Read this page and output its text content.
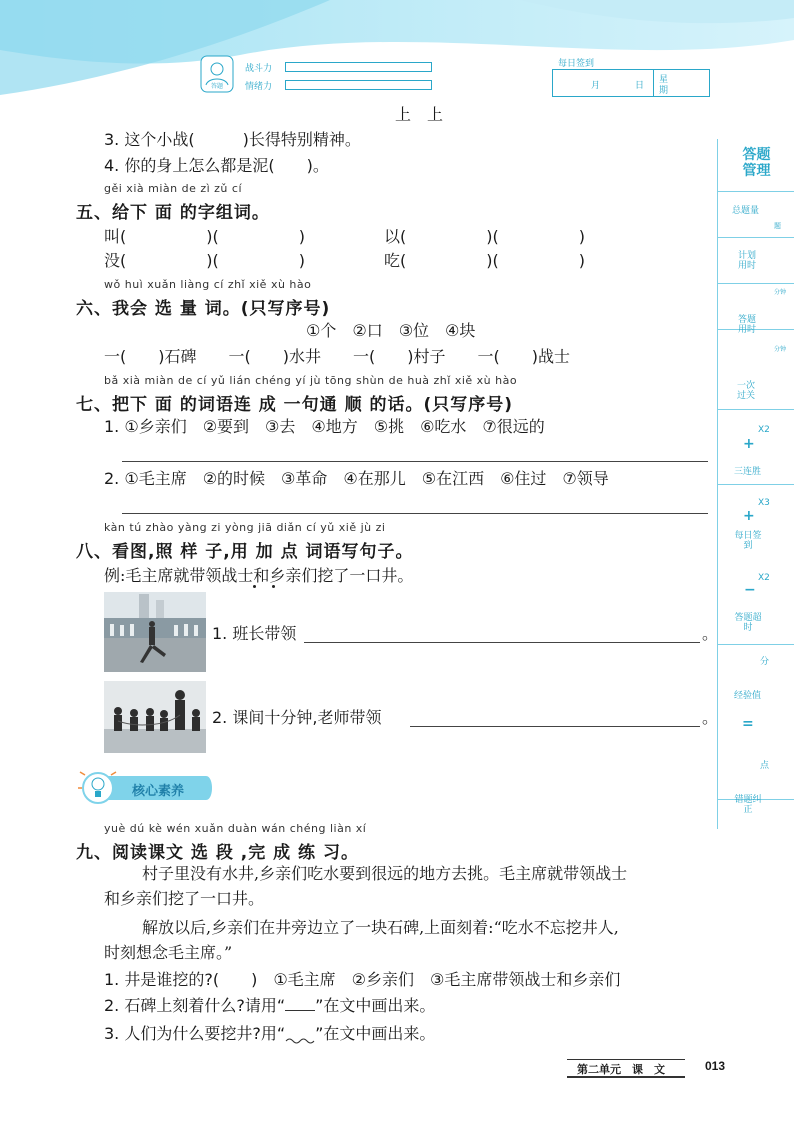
答题
战斗力
情绪力
每日签到
月	日
星
期
上　上
3. 这个小战(　　　)长得特别精神。
4. 你的身上怎么都是泥(　　)。
gěi xià miàn de zì zǔ cí
五、给下 面 的字组词。
叫(　　　　　)(　　　　　)	以(　　　　　)(　　　　　)
没(　　　　　)(　　　　　)	吃(　　　　　)(　　　　　)
wǒ huì xuǎn liàng cí zhǐ xiě xù hào
六、我会 选 量 词。(只写序号)
①个　②口　③位　④块
一(　　)石碑　　一(　　)水井　　一(　　)村子　　一(　　)战士
bǎ xià miàn de cí yǔ lián chéng yí jù tōng shùn de huà zhǐ xiě xù hào
七、把下 面 的词语连 成 一句通 顺 的话。(只写序号)
1. ①乡亲们　②要到　③去　④地方　⑤挑　⑥吃水　⑦很远的
2. ①毛主席　②的时候　③革命　④在那儿　⑤在江西　⑥住过　⑦领导
kàn tú zhào yàng zi yòng jiā diǎn cí yǔ xiě jù zi
八、看图,照 样 子,用 加 点 词语写句子。
例:毛主席就带领战士和乡亲们挖了一口井。
1. 班长带领	。
2. 课间十分钟,老师带领	。
核心素养
yuè dú kè wén xuǎn duàn wán chéng liàn xí
九、阅读课文 选 段 ,完 成 练 习。
村子里没有水井,乡亲们吃水要到很远的地方去挑。毛主席就带领战士
和乡亲们挖了一口井。
解放以后,乡亲们在井旁边立了一块石碑,上面刻着:“吃水不忘挖井人,
时刻想念毛主席。”
1. 井是谁挖的?(　　)　①毛主席　②乡亲们　③毛主席带领战士和乡亲们
2. 石碑上刻着什么?请用“ ”在文中画出来。
3. 人们为什么要挖井?用“ ”在文中画出来。
第二单元　课　文	013
答题
管理
总题量
题
计划用时
分钟
答题用时
分钟
一次过关
X2
+
三连胜
X3
+
每日签到
X2
−
答题超时
分
经验值
=
点
错题纠正
